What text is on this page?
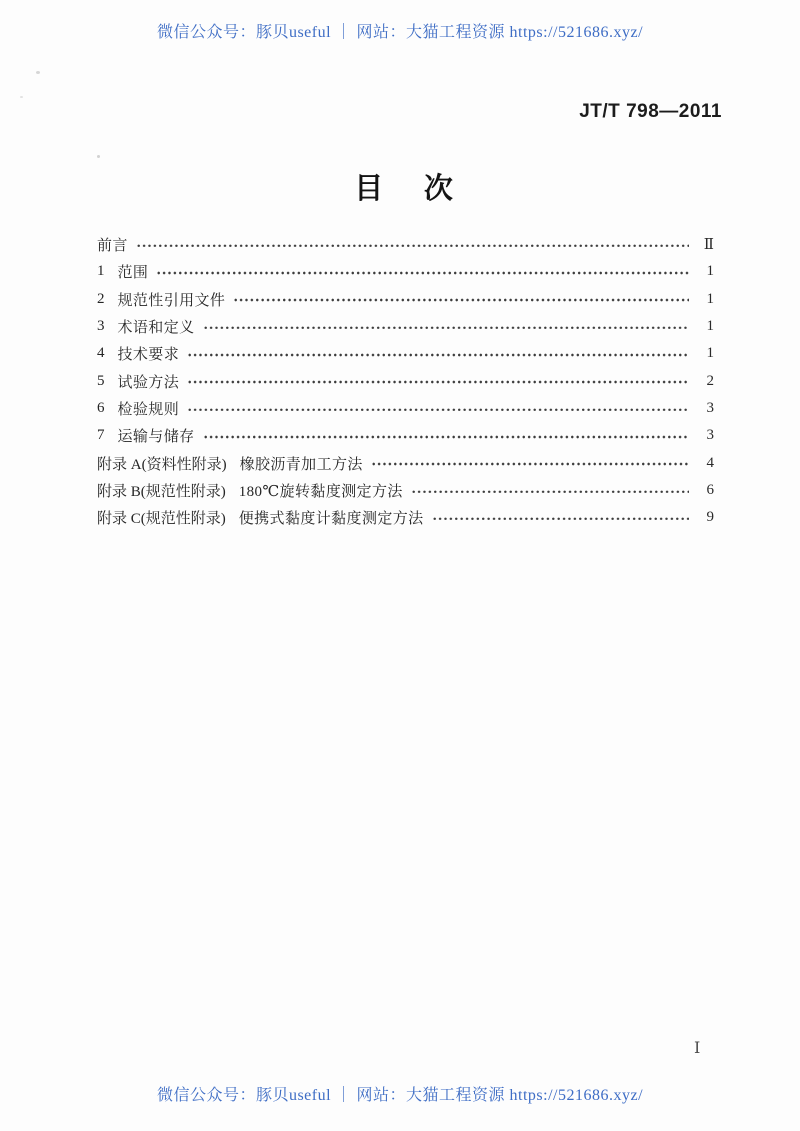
微信公众号：豚贝useful ｜ 网站：大猫工程资源 https://521686.xyz/
JT/T 798—2011
目　次
前言	Ⅱ
1 范围	1
2 规范性引用文件	1
3 术语和定义	1
4 技术要求	1
5 试验方法	2
6 检验规则	3
7 运输与储存	3
附录 A(资料性附录) 橡胶沥青加工方法	4
附录 B(规范性附录) 180℃旋转黏度测定方法	6
附录 C(规范性附录) 便携式黏度计黏度测定方法	9
Ⅰ
微信公众号：豚贝useful ｜ 网站：大猫工程资源 https://521686.xyz/
